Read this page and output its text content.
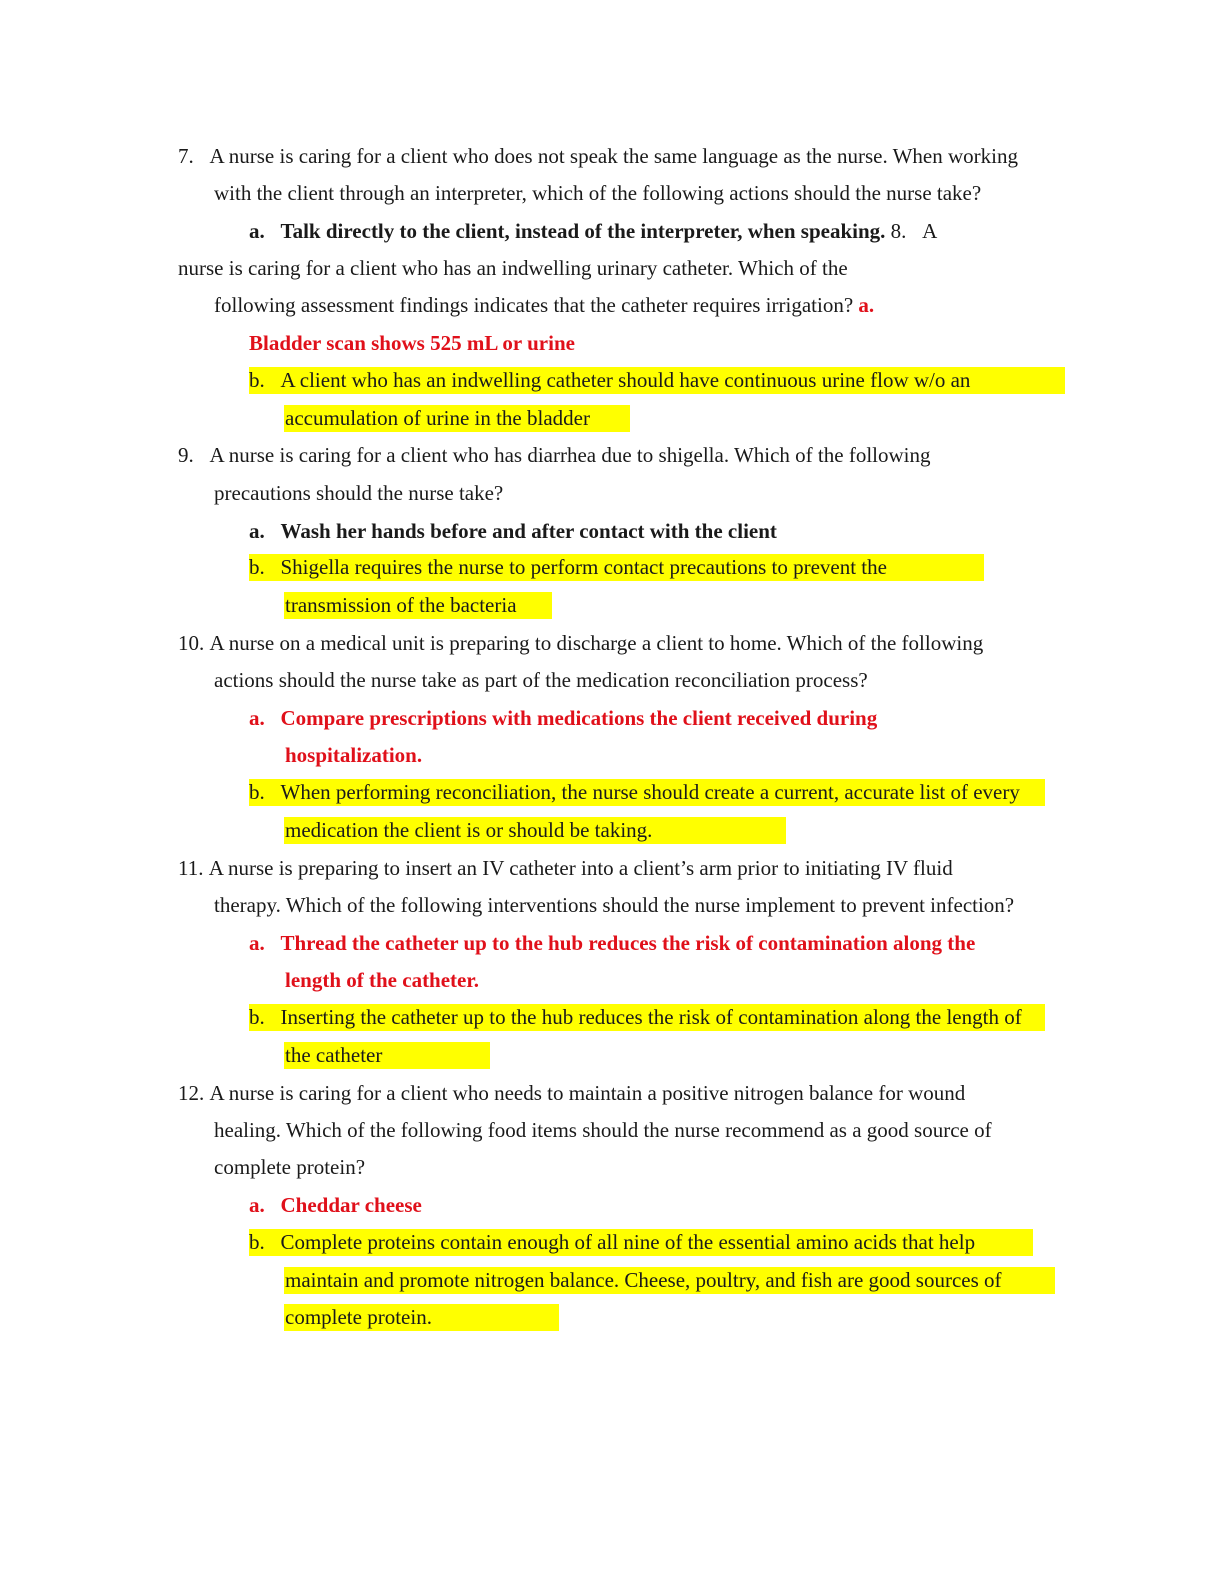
7. A nurse is caring for a client who does not speak the same language as the nurse. When working
with the client through an interpreter, which of the following actions should the nurse take?
a. Talk directly to the client, instead of the interpreter, when speaking. 8. A
nurse is caring for a client who has an indwelling urinary catheter. Which of the
following assessment findings indicates that the catheter requires irrigation? a.
Bladder scan shows 525 mL or urine
b. A client who has an indwelling catheter should have continuous urine flow w/o an
accumulation of urine in the bladder
9. A nurse is caring for a client who has diarrhea due to shigella. Which of the following
precautions should the nurse take?
a. Wash her hands before and after contact with the client
b. Shigella requires the nurse to perform contact precautions to prevent the
transmission of the bacteria
10. A nurse on a medical unit is preparing to discharge a client to home. Which of the following
actions should the nurse take as part of the medication reconciliation process?
a. Compare prescriptions with medications the client received during
hospitalization.
b. When performing reconciliation, the nurse should create a current, accurate list of every
medication the client is or should be taking.
11. A nurse is preparing to insert an IV catheter into a client’s arm prior to initiating IV fluid
therapy. Which of the following interventions should the nurse implement to prevent infection?
a. Thread the catheter up to the hub reduces the risk of contamination along the
length of the catheter.
b. Inserting the catheter up to the hub reduces the risk of contamination along the length of
the catheter
12. A nurse is caring for a client who needs to maintain a positive nitrogen balance for wound
healing. Which of the following food items should the nurse recommend as a good source of
complete protein?
a. Cheddar cheese
b. Complete proteins contain enough of all nine of the essential amino acids that help
maintain and promote nitrogen balance. Cheese, poultry, and fish are good sources of
complete protein.
